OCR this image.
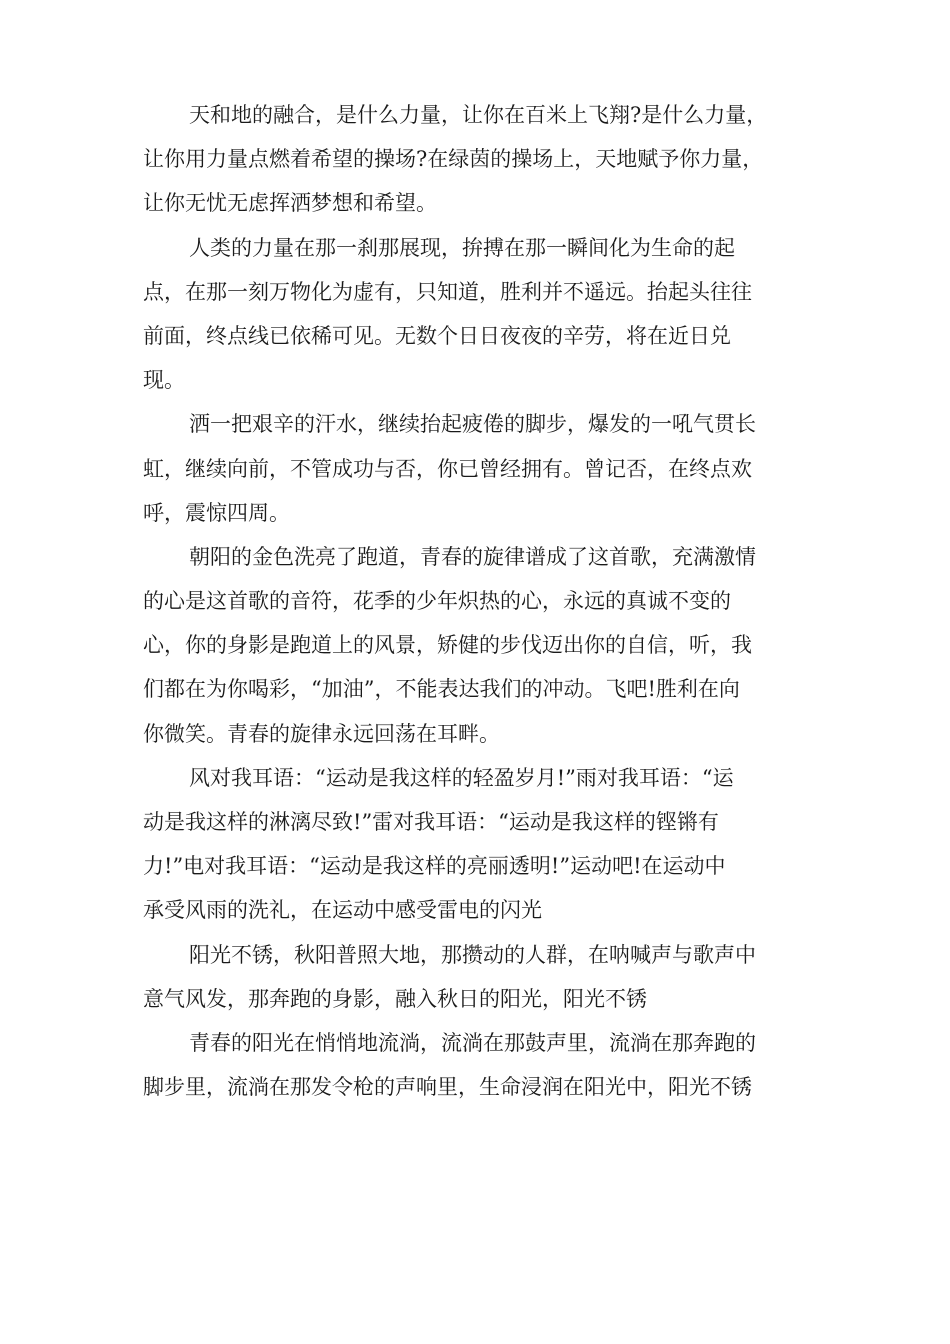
天和地的融合，是什么力量，让你在百米上飞翔?是什么力量，
让你用力量点燃着希望的操场?在绿茵的操场上，天地赋予你力量，
让你无忧无虑挥洒梦想和希望。
人类的力量在那一刹那展现，拚搏在那一瞬间化为生命的起
点，在那一刻万物化为虚有，只知道，胜利并不遥远。抬起头往往
前面，终点线已依稀可见。无数个日日夜夜的辛劳，将在近日兑
现。
洒一把艰辛的汗水，继续抬起疲倦的脚步，爆发的一吼气贯长
虹，继续向前，不管成功与否，你已曾经拥有。曾记否，在终点欢
呼，震惊四周。
朝阳的金色洗亮了跑道，青春的旋律谱成了这首歌，充满激情
的心是这首歌的音符，花季的少年炽热的心，永远的真诚不变的
心，你的身影是跑道上的风景，矫健的步伐迈出你的自信，听，我
们都在为你喝彩，“加油”，不能表达我们的冲动。飞吧!胜利在向
你微笑。青春的旋律永远回荡在耳畔。
风对我耳语：“运动是我这样的轻盈岁月!”雨对我耳语：“运
动是我这样的淋漓尽致!”雷对我耳语：“运动是我这样的铿锵有
力!”电对我耳语：“运动是我这样的亮丽透明!”运动吧!在运动中
承受风雨的洗礼，在运动中感受雷电的闪光
阳光不锈，秋阳普照大地，那攒动的人群，在呐喊声与歌声中
意气风发，那奔跑的身影，融入秋日的阳光，阳光不锈
青春的阳光在悄悄地流淌，流淌在那鼓声里，流淌在那奔跑的
脚步里，流淌在那发令枪的声响里，生命浸润在阳光中，阳光不锈
